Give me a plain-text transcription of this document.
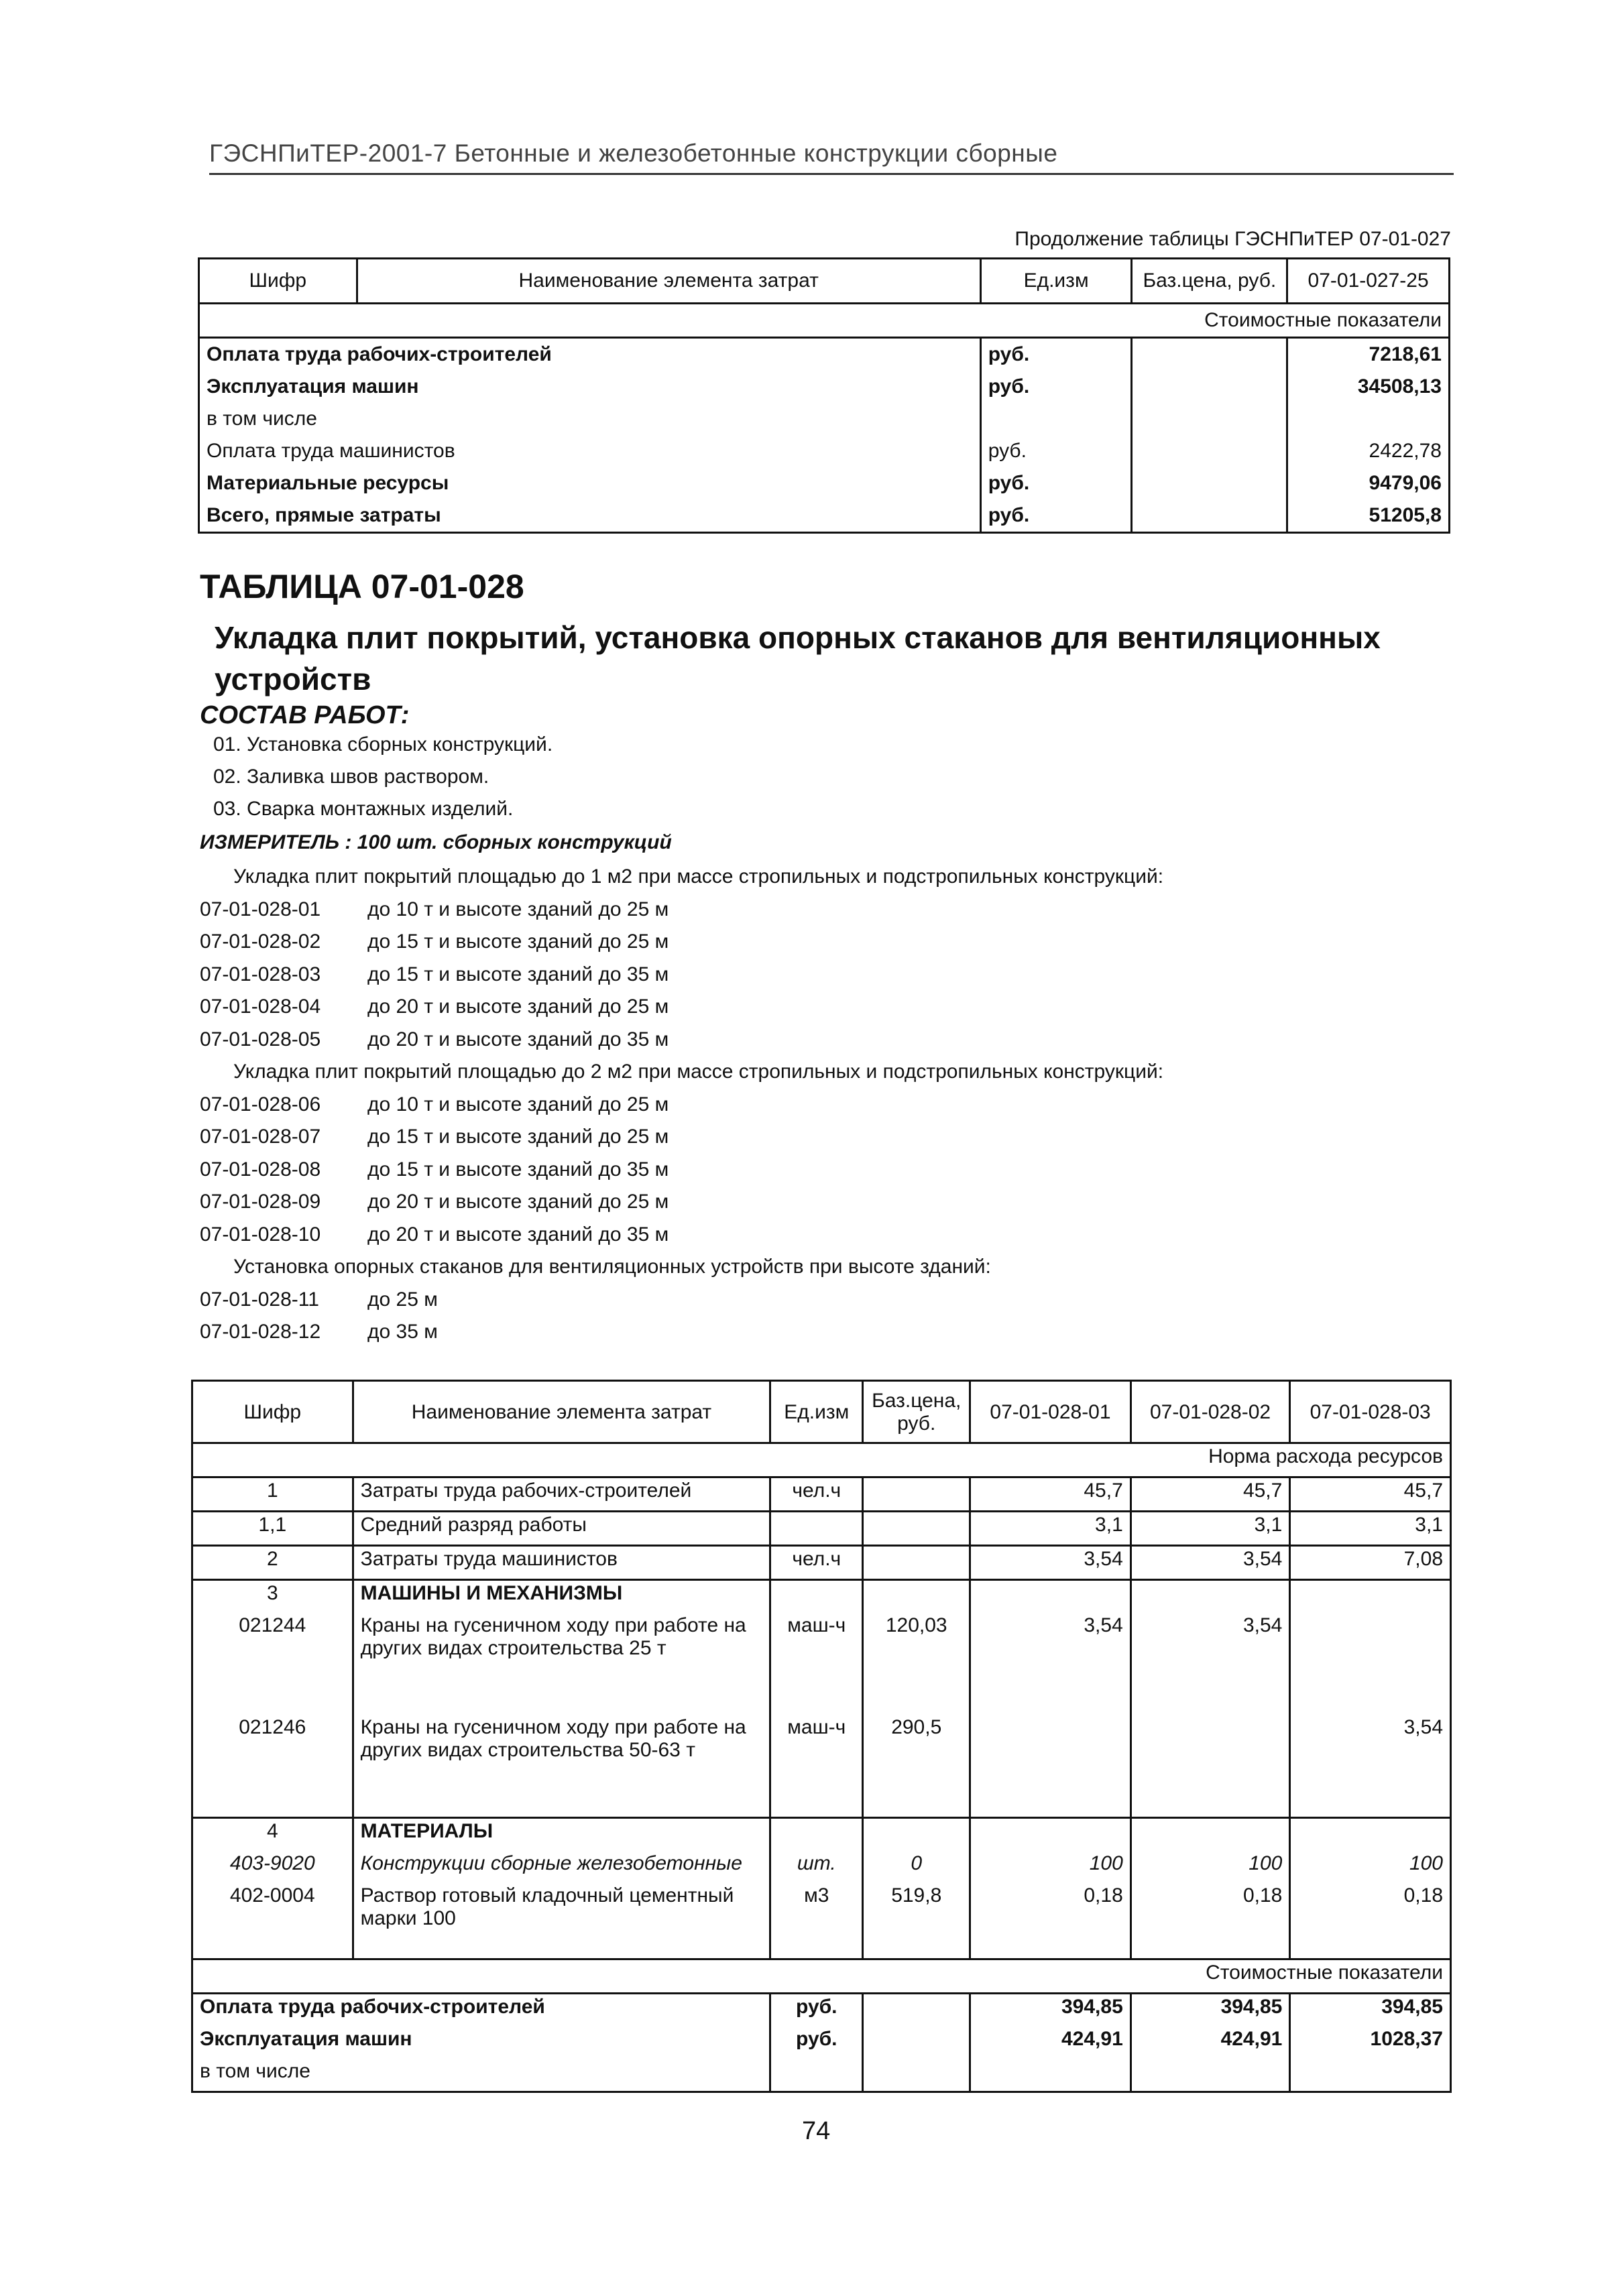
ГЭСНПиТЕР-2001-7 Бетонные и железобетонные конструкции сборные
Продолжение таблицы ГЭСНПиТЕР 07-01-027
Шифр	Наименование элемента затрат	Ед.изм	Баз.цена, руб.	07-01-027-25
Стоимостные показатели				
Оплата труда рабочих-строителей		руб.		7218,61
Эксплуатация машин		руб.		34508,13
в том числе				
Оплата труда машинистов		руб.		2422,78
Материальные ресурсы		руб.		9479,06
Всего, прямые затраты		руб.		51205,8
ТАБЛИЦА 07-01-028
Укладка плит покрытий, установка опорных стаканов для вентиляционных устройств
СОСТАВ РАБОТ:
01. Установка сборных конструкций.
02. Заливка швов раствором.
03. Сварка монтажных изделий.
ИЗМЕРИТЕЛЬ : 100 шт. сборных конструкций
Укладка плит покрытий площадью до 1 м2 при массе стропильных и подстропильных конструкций:
07-01-028-01	до 10 т и высоте зданий до 25 м
07-01-028-02	до 15 т и высоте зданий до 25 м
07-01-028-03	до 15 т и высоте зданий до 35 м
07-01-028-04	до 20 т и высоте зданий до 25 м
07-01-028-05	до 20 т и высоте зданий до 35 м
Укладка плит покрытий площадью до 2 м2 при массе стропильных и подстропильных конструкций:
07-01-028-06	до 10 т и высоте зданий до 25 м
07-01-028-07	до 15 т и высоте зданий до 25 м
07-01-028-08	до 15 т и высоте зданий до 35 м
07-01-028-09	до 20 т и высоте зданий до 25 м
07-01-028-10	до 20 т и высоте зданий до 35 м
Установка опорных стаканов для вентиляционных устройств при высоте зданий:
07-01-028-11	до 25 м
07-01-028-12	до 35 м
Шифр	Наименование элемента затрат	Ед.изм	Баз.цена, руб.	07-01-028-01	07-01-028-02	07-01-028-03
Норма расхода ресурсов						
1	Затраты труда рабочих-строителей	чел.ч		45,7	45,7	45,7
1,1	Средний разряд работы			3,1	3,1	3,1
2	Затраты труда машинистов	чел.ч		3,54	3,54	7,08
3	МАШИНЫ И МЕХАНИЗМЫ					
021244	Краны на гусеничном ходу при работе на других видах строительства 25 т	маш-ч	120,03	3,54	3,54	
021246	Краны на гусеничном ходу при работе на других видах строительства 50-63 т	маш-ч	290,5			3,54
4	МАТЕРИАЛЫ					
403-9020	Конструкции сборные железобетонные	шт.	0	100	100	100
402-0004	Раствор готовый кладочный цементный марки 100	м3	519,8	0,18	0,18	0,18
Стоимостные показатели						
Оплата труда рабочих-строителей		руб.		394,85	394,85	394,85
Эксплуатация машин		руб.		424,91	424,91	1028,37
в том числе						
74
